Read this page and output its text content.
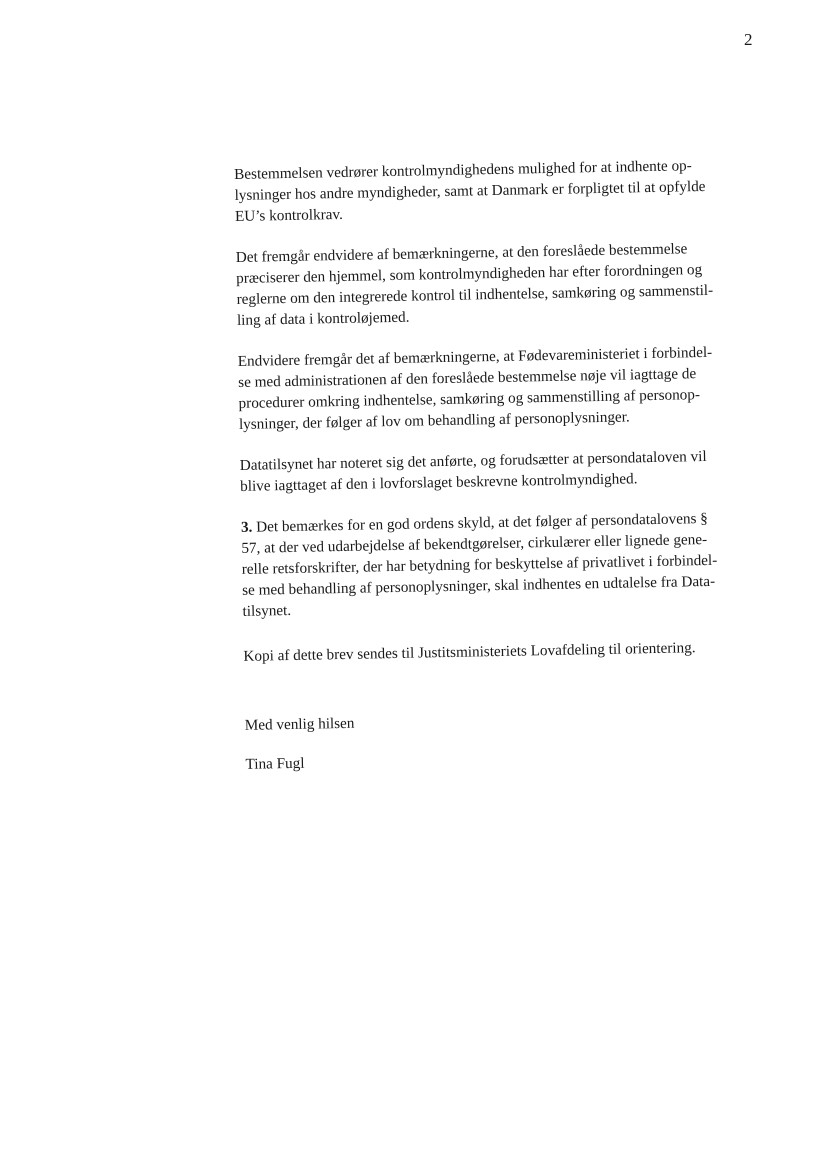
2
Bestemmelsen vedrører kontrolmyndighedens mulighed for at indhente op-
lysninger hos andre myndigheder, samt at Danmark er forpligtet til at opfylde
EU’s kontrolkrav.
Det fremgår endvidere af bemærkningerne, at den foreslåede bestemmelse
præciserer den hjemmel, som kontrolmyndigheden har efter forordningen og
reglerne om den integrerede kontrol til indhentelse, samkøring og sammenstil-
ling af data i kontroløjemed.
Endvidere fremgår det af bemærkningerne, at Fødevareministeriet i forbindel-
se med administrationen af den foreslåede bestemmelse nøje vil iagttage de
procedurer omkring indhentelse, samkøring og sammenstilling af personop-
lysninger, der følger af lov om behandling af personoplysninger.
Datatilsynet har noteret sig det anførte, og forudsætter at persondataloven vil
blive iagttaget af den i lovforslaget beskrevne kontrolmyndighed.
3. Det bemærkes for en god ordens skyld, at det følger af persondatalovens §
57, at der ved udarbejdelse af bekendtgørelser, cirkulærer eller lignede gene-
relle retsforskrifter, der har betydning for beskyttelse af privatlivet i forbindel-
se med behandling af personoplysninger, skal indhentes en udtalelse fra Data-
tilsynet.
Kopi af dette brev sendes til Justitsministeriets Lovafdeling til orientering.

Med venlig hilsen

Tina Fugl
